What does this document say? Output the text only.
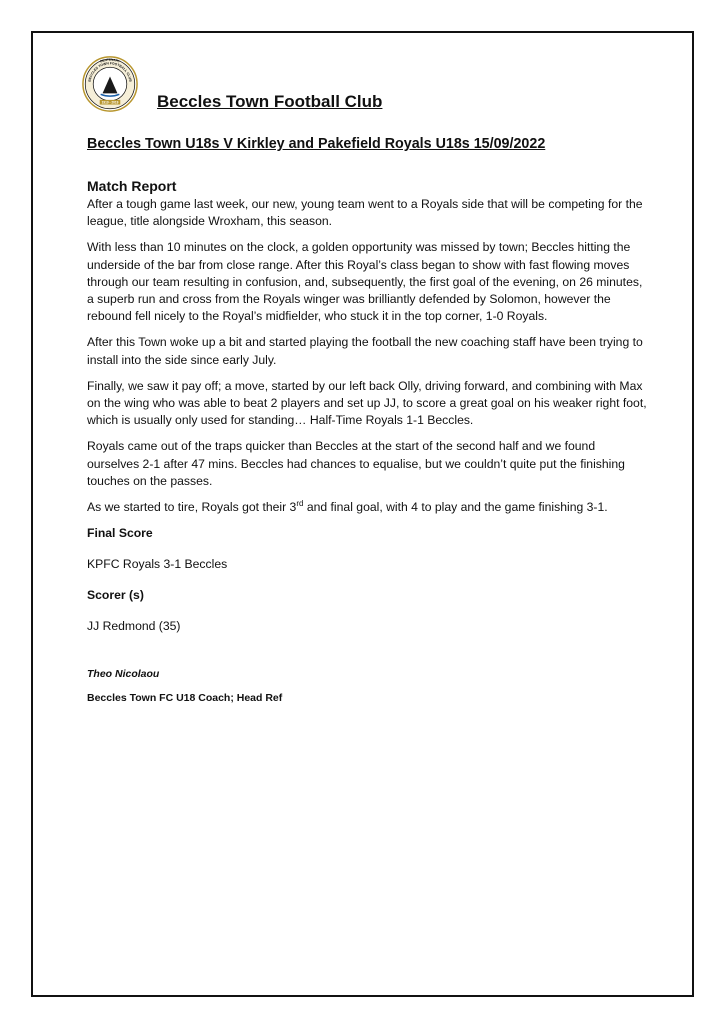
CENTENARY
BECCLES TOWN FOOTBALL CLUB
1919 - 2019 Beccles Town Football Club
Beccles Town U18s V Kirkley and Pakefield Royals U18s 15/09/2022
Match Report

After a tough game last week, our new, young team went to a Royals side that will be competing for the league, title alongside Wroxham, this season.

With less than 10 minutes on the clock, a golden opportunity was missed by town; Beccles hitting the underside of the bar from close range. After this Royal’s class began to show with fast flowing moves through our team resulting in confusion, and, subsequently, the first goal of the evening, on 26 minutes, a superb run and cross from the Royals winger was brilliantly defended by Solomon, however the rebound fell nicely to the Royal’s midfielder, who stuck it in the top corner, 1-0 Royals.

After this Town woke up a bit and started playing the football the new coaching staff have been trying to install into the side since early July.

Finally, we saw it pay off; a move, started by our left back Olly, driving forward, and combining with Max on the wing who was able to beat 2 players and set up JJ, to score a great goal on his weaker right foot, which is usually only used for standing… Half-Time Royals 1-1 Beccles.

Royals came out of the traps quicker than Beccles at the start of the second half and we found ourselves 2-1 after 47 mins. Beccles had chances to equalise, but we couldn’t quite put the finishing touches on the passes.

As we started to tire, Royals got their 3rd and final goal, with 4 to play and the game finishing 3-1.

Final Score

KPFC Royals 3-1 Beccles

Scorer (s)

JJ Redmond (35)

Theo Nicolaou

Beccles Town FC U18 Coach; Head Ref
